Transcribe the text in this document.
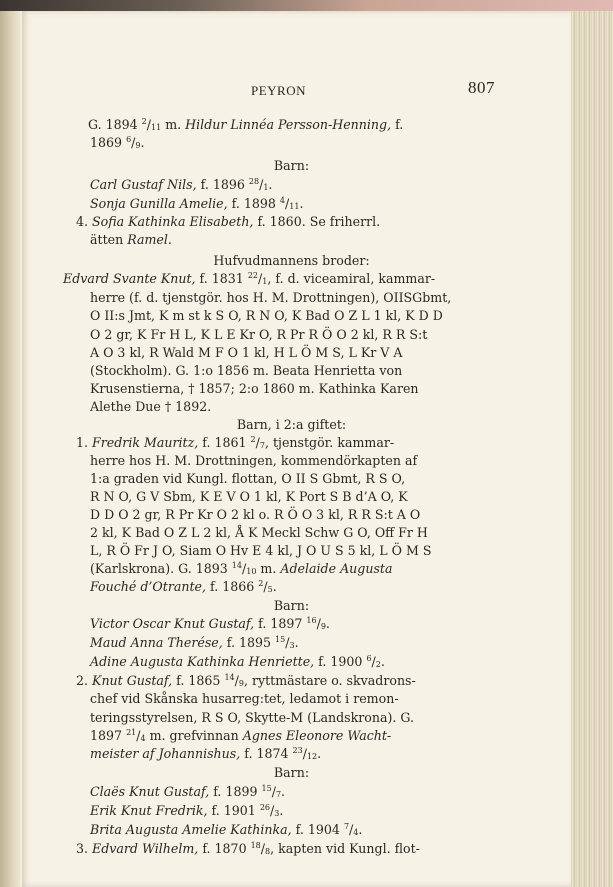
PEYRON	807
G. 1894 $^2/_{11}$ m. Hildur Linnéa Persson-Henning, f.
1869 $^6/_9$.
Barn:
Carl Gustaf Nils, f. 1896 $^{28}/_1$.
Sonja Gunilla Amelie, f. 1898 $^4/_{11}$.
4. Sofia Kathinka Elisabeth, f. 1860. Se friherrl.
ätten Ramel.
Hufvudmannens broder:
Edvard Svante Knut, f. 1831 $^{22}/_1$, f. d. viceamiral, kammar-
herre (f. d. tjenstgör. hos H. M. Drottningen), OIISGbmt,
O II:s Jmt, K m st k S O, R N O, K Bad O Z L 1 kl, K D D
O 2 gr, K Fr H L, K L E Kr O, R Pr R Ö O 2 kl, R R S:t
A O 3 kl, R Wald M F O 1 kl, H L Ö M S, L Kr V A
(Stockholm). G. 1:o 1856 m. Beata Henrietta von
Krusenstierna, † 1857; 2:o 1860 m. Kathinka Karen
Alethe Due † 1892.
Barn, i 2:a giftet:
1. Fredrik Mauritz, f. 1861 $^2/_7$, tjenstgör. kammar-
herre hos H. M. Drottningen, kommendörkapten af
1:a graden vid Kungl. flottan, O II S Gbmt, R S O,
R N O, G V Sbm, K E V O 1 kl, K Port S B d’A O, K
D D O 2 gr, R Pr Kr O 2 kl o. R Ö O 3 kl, R R S:t A O
2 kl, K Bad O Z L 2 kl, Å K Meckl Schw G O, Off Fr H
L, R Ö Fr J O, Siam O Hv E 4 kl, J O U S 5 kl, L Ö M S
(Karlskrona). G. 1893 $^{14}/_{10}$ m. Adelaide Augusta
Fouché d’Otrante, f. 1866 $^2/_5$.
Barn:
Victor Oscar Knut Gustaf, f. 1897 $^{16}/_9$.
Maud Anna Therése, f. 1895 $^{15}/_3$.
Adine Augusta Kathinka Henriette, f. 1900 $^6/_2$.
2. Knut Gustaf, f. 1865 $^{14}/_9$, ryttmästare o. skvadrons-
chef vid Skånska husarreg:tet, ledamot i remon-
teringsstyrelsen, R S O, Skytte-M (Landskrona). G.
1897 $^{21}/_4$ m. grefvinnan Agnes Eleonore Wacht-
meister af Johannishus, f. 1874 $^{23}/_{12}$.
Barn:
Claës Knut Gustaf, f. 1899 $^{15}/_7$.
Erik Knut Fredrik, f. 1901 $^{26}/_3$.
Brita Augusta Amelie Kathinka, f. 1904 $^7/_4$.
3. Edvard Wilhelm, f. 1870 $^{18}/_8$, kapten vid Kungl. flot-
